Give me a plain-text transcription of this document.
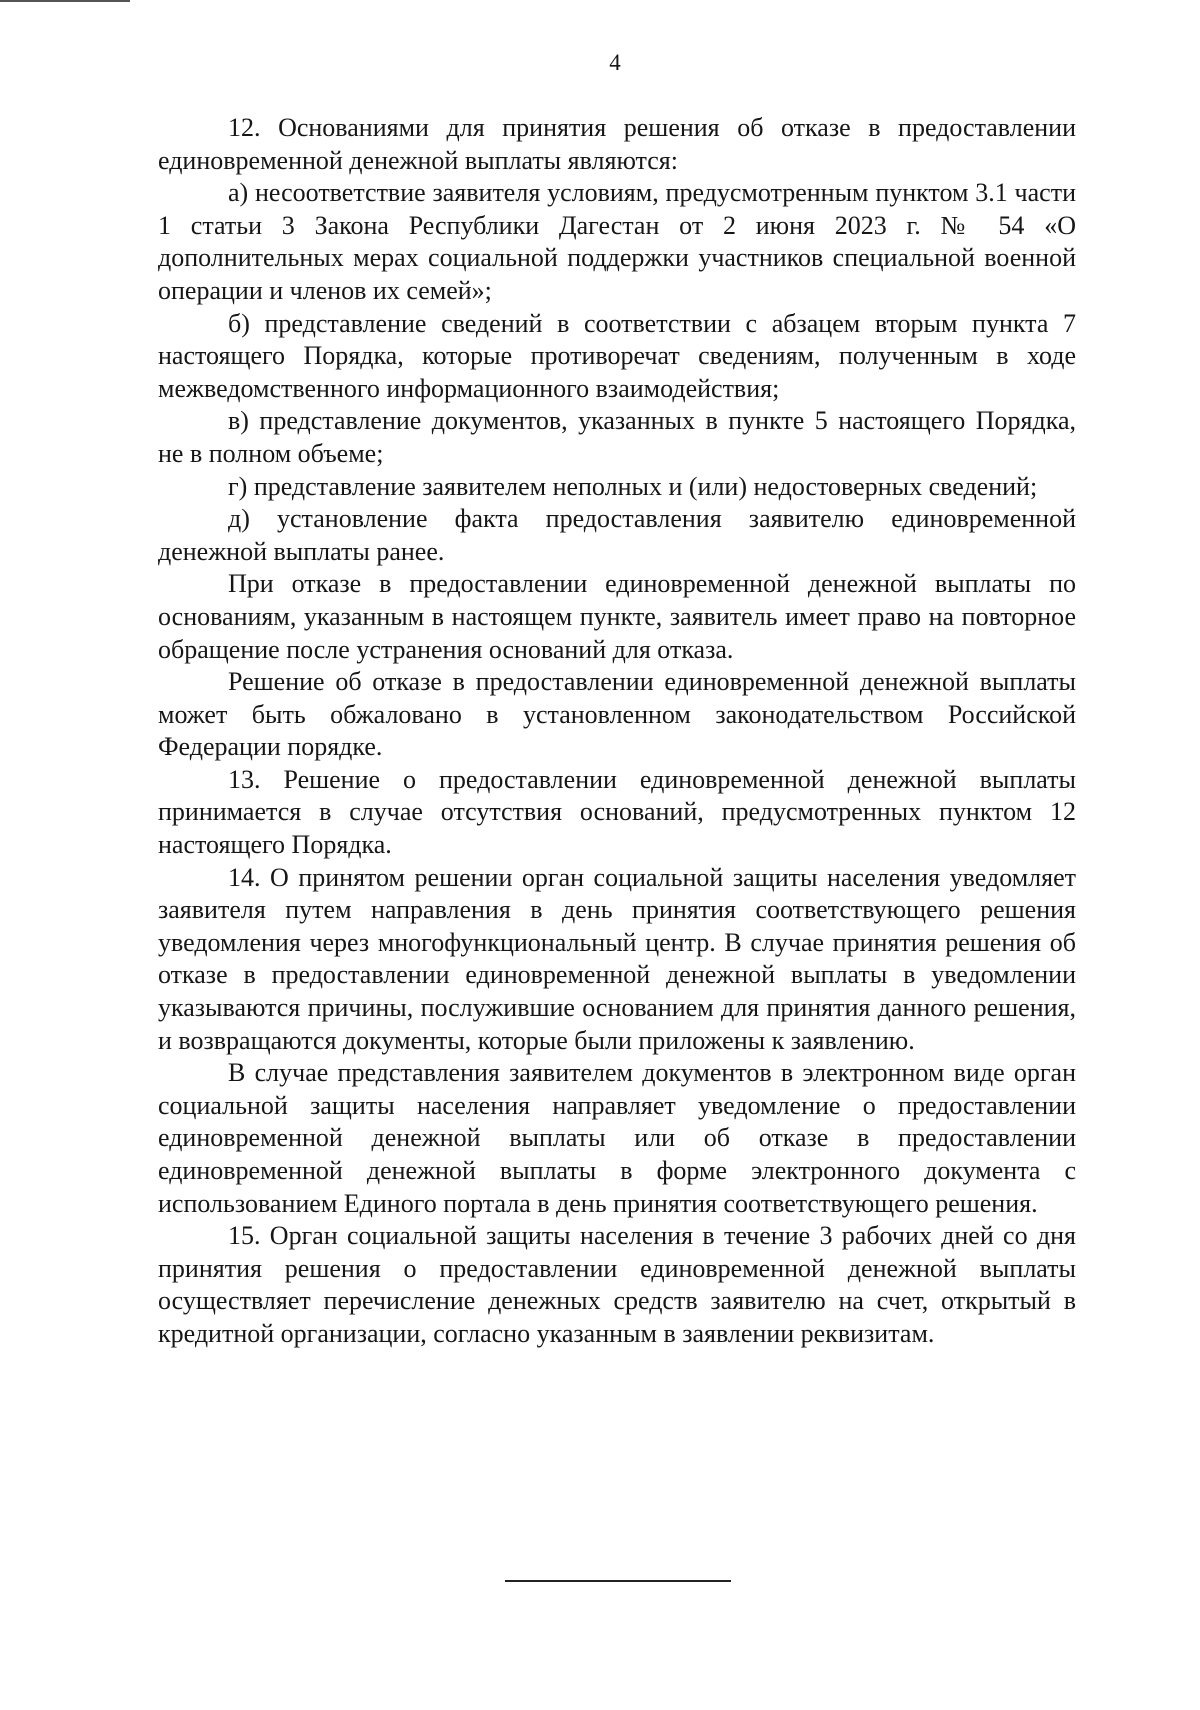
4

12. Основаниями для принятия решения об отказе в предоставлении единовременной денежной выплаты являются:

а) несоответствие заявителя условиям, предусмотренным пунктом 3.1 части 1 статьи 3 Закона Республики Дагестан от 2 июня 2023 г. № 54 «О дополнительных мерах социальной поддержки участников специальной военной операции и членов их семей»;

б) представление сведений в соответствии с абзацем вторым пункта 7 настоящего Порядка, которые противоречат сведениям, полученным в ходе межведомственного информационного взаимодействия;

в) представление документов, указанных в пункте 5 настоящего Порядка, не в полном объеме;

г) представление заявителем неполных и (или) недостоверных сведений;

д) установление факта предоставления заявителю единовременной денежной выплаты ранее.

При отказе в предоставлении единовременной денежной выплаты по основаниям, указанным в настоящем пункте, заявитель имеет право на повторное обращение после устранения оснований для отказа.

Решение об отказе в предоставлении единовременной денежной выплаты может быть обжаловано в установленном законодательством Российской Федерации порядке.

13. Решение о предоставлении единовременной денежной выплаты принимается в случае отсутствия оснований, предусмотренных пунктом 12 настоящего Порядка.

14. О принятом решении орган социальной защиты населения уведомляет заявителя путем направления в день принятия соответствующего решения уведомления через многофункциональный центр. В случае принятия решения об отказе в предоставлении единовременной денежной выплаты в уведомлении указываются причины, послужившие основанием для принятия данного решения, и возвращаются документы, которые были приложены к заявлению.

В случае представления заявителем документов в электронном виде орган социальной защиты населения направляет уведомление о предоставлении единовременной денежной выплаты или об отказе в предоставлении единовременной денежной выплаты в форме электронного документа с использованием Единого портала в день принятия соответствующего решения.

15. Орган социальной защиты населения в течение 3 рабочих дней со дня принятия решения о предоставлении единовременной денежной выплаты осуществляет перечисление денежных средств заявителю на счет, открытый в кредитной организации, согласно указанным в заявлении реквизитам.
